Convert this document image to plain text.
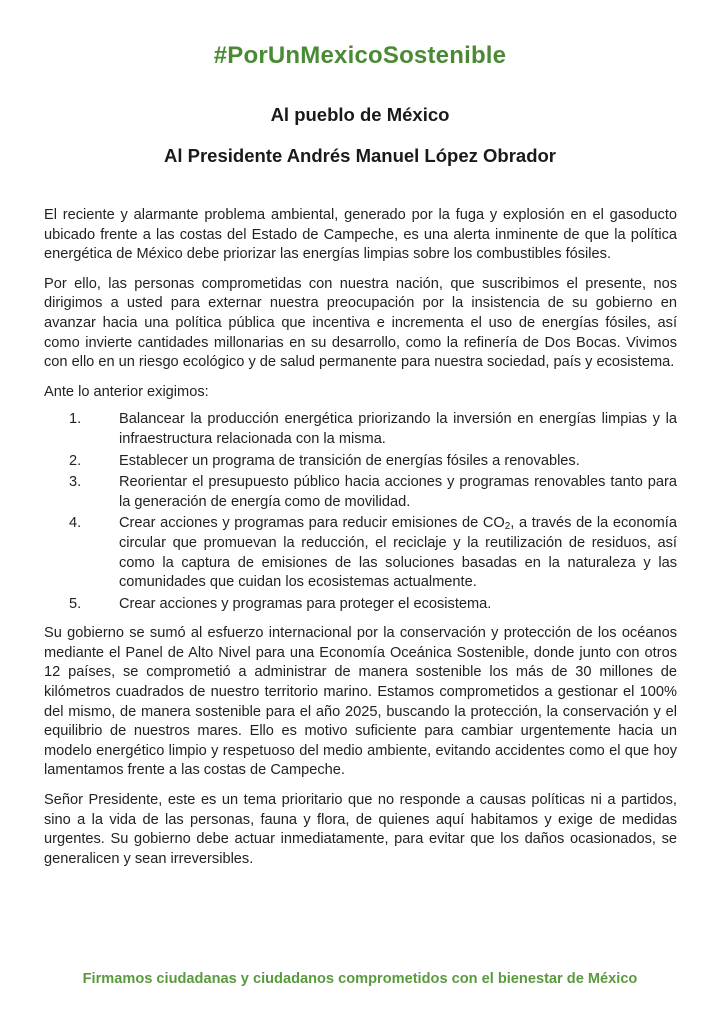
#PorUnMexicoSostenible
Al pueblo de México
Al Presidente Andrés Manuel López Obrador

El reciente y alarmante problema ambiental, generado por la fuga y explosión en el gasoducto ubicado frente a las costas del Estado de Campeche, es una alerta inminente de que la política energética de México debe priorizar las energías limpias sobre los combustibles fósiles.

Por ello, las personas comprometidas con nuestra nación, que suscribimos el presente, nos dirigimos a usted para externar nuestra preocupación por la insistencia de su gobierno en avanzar hacia una política pública que incentiva e incrementa el uso de energías fósiles, así como invierte cantidades millonarias en su desarrollo, como la refinería de Dos Bocas. Vivimos con ello en un riesgo ecológico y de salud permanente para nuestra sociedad, país y ecosistema.

Ante lo anterior exigimos:

1.	Balancear la producción energética priorizando la inversión en energías limpias y la infraestructura relacionada con la misma.
2.	Establecer un programa de transición de energías fósiles a renovables.
3.	Reorientar el presupuesto público hacia acciones y programas renovables tanto para la generación de energía como de movilidad.
4.	Crear acciones y programas para reducir emisiones de $CO_2$, a través de la economía circular que promuevan la reducción, el reciclaje y la reutilización de residuos, así como la captura de emisiones de las soluciones basadas en la naturaleza y las comunidades que cuidan los ecosistemas actualmente.
5.	Crear acciones y programas para proteger el ecosistema.

Su gobierno se sumó al esfuerzo internacional por la conservación y protección de los océanos mediante el Panel de Alto Nivel para una Economía Oceánica Sostenible, donde junto con otros 12 países, se comprometió a administrar de manera sostenible los más de 30 millones de kilómetros cuadrados de nuestro territorio marino. Estamos comprometidos a gestionar el 100% del mismo, de manera sostenible para el año 2025, buscando la protección, la conservación y el equilibrio de nuestros mares. Ello es motivo suficiente para cambiar urgentemente hacia un modelo energético limpio y respetuoso del medio ambiente, evitando accidentes como el que hoy lamentamos frente a las costas de Campeche.

Señor Presidente, este es un tema prioritario que no responde a causas políticas ni a partidos, sino a la vida de las personas, fauna y flora, de quienes aquí habitamos y exige de medidas urgentes. Su gobierno debe actuar inmediatamente, para evitar que los daños ocasionados, se generalicen y sean irreversibles.

Firmamos ciudadanas y ciudadanos comprometidos con el bienestar de México
